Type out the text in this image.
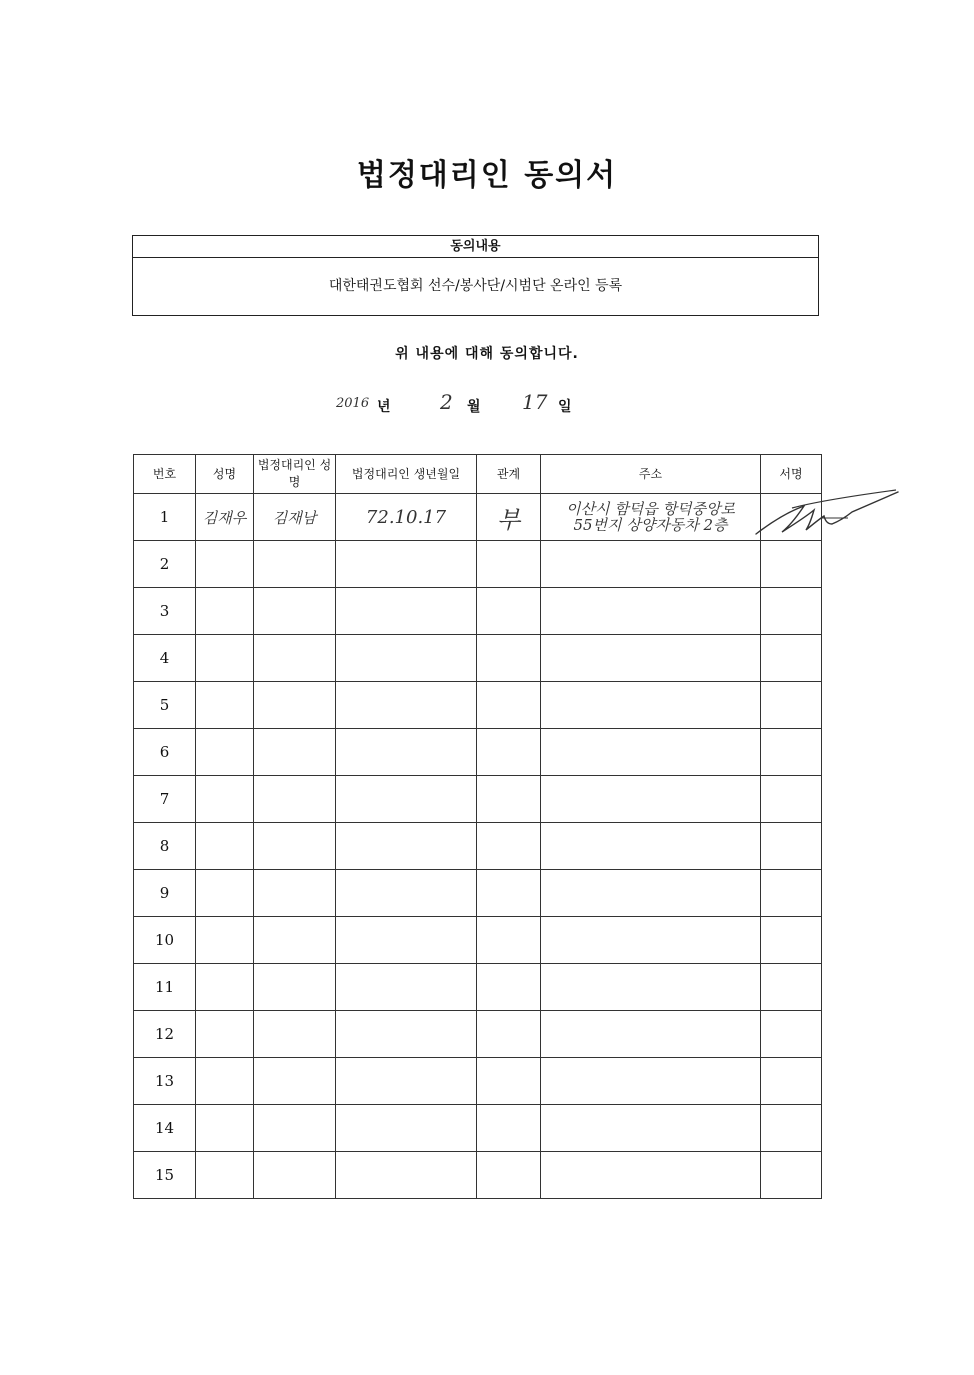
법정대리인 동의서
동의내용
대한태권도협회 선수/봉사단/시범단 온라인 등록
위 내용에 대해 동의합니다.
2016 년 2 월 17 일
번호	성명	법정대리인 성명	법정대리인 생년월일	관계	주소	서명
1	김재우	김재남	72.10.17	부	이산시 함덕읍 항덕중앙로
55번지 상양자동차 2층	

2						
3						
4						
5						
6						
7						
8						
9						
10						
11						
12						
13						
14						
15						
